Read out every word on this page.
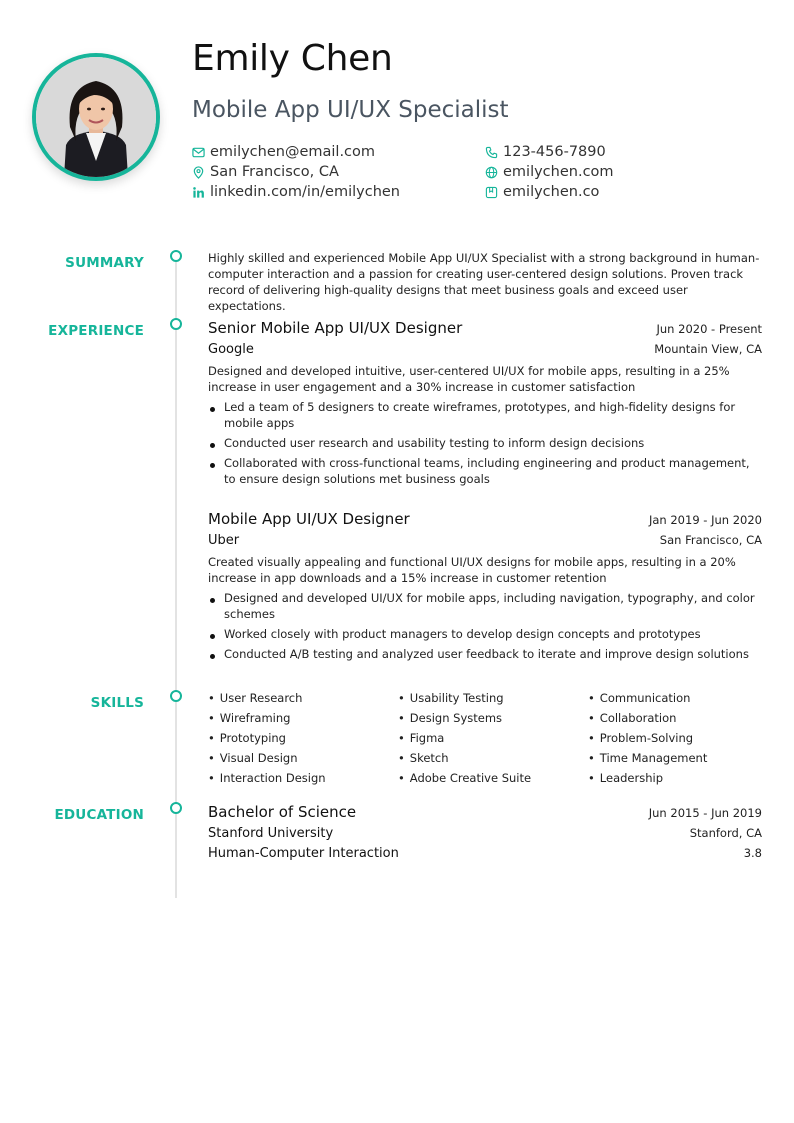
Emily Chen
Mobile App UI/UX Specialist
emilychen@email.com
San Francisco, CA
linkedin.com/in/emilychen
123-456-7890
emilychen.com
emilychen.co
SUMMARY	Highly skilled and experienced Mobile App UI/UX Specialist with a strong background in human-computer interaction and a passion for creating user-centered design solutions. Proven track record of delivering high-quality designs that meet business goals and exceed user expectations.

EXPERIENCE	Senior Mobile App UI/UX Designer	Jun 2020 - Present
Google	Mountain View, CA

Designed and developed intuitive, user-centered UI/UX for mobile apps, resulting in a 25% increase in user engagement and a 30% increase in customer satisfaction

Led a team of 5 designers to create wireframes, prototypes, and high-fidelity designs for mobile apps
Conducted user research and usability testing to inform design decisions
Collaborated with cross-functional teams, including engineering and product management, to ensure design solutions met business goals
Mobile App UI/UX Designer	Jan 2019 - Jun 2020
Uber	San Francisco, CA

Created visually appealing and functional UI/UX designs for mobile apps, resulting in a 20% increase in app downloads and a 15% increase in customer retention

Designed and developed UI/UX for mobile apps, including navigation, typography, and color schemes
Worked closely with product managers to develop design concepts and prototypes
Conducted A/B testing and analyzed user feedback to iterate and improve design solutions
SKILLS	• User Research	• Usability Testing	• Communication
• Wireframing	• Design Systems	• Collaboration
• Prototyping	• Figma	• Problem-Solving
• Visual Design	• Sketch	• Time Management
• Interaction Design	• Adobe Creative Suite	• Leadership
EDUCATION	Bachelor of Science	Jun 2015 - Jun 2019
Stanford University	Stanford, CA
Human-Computer Interaction	3.8
